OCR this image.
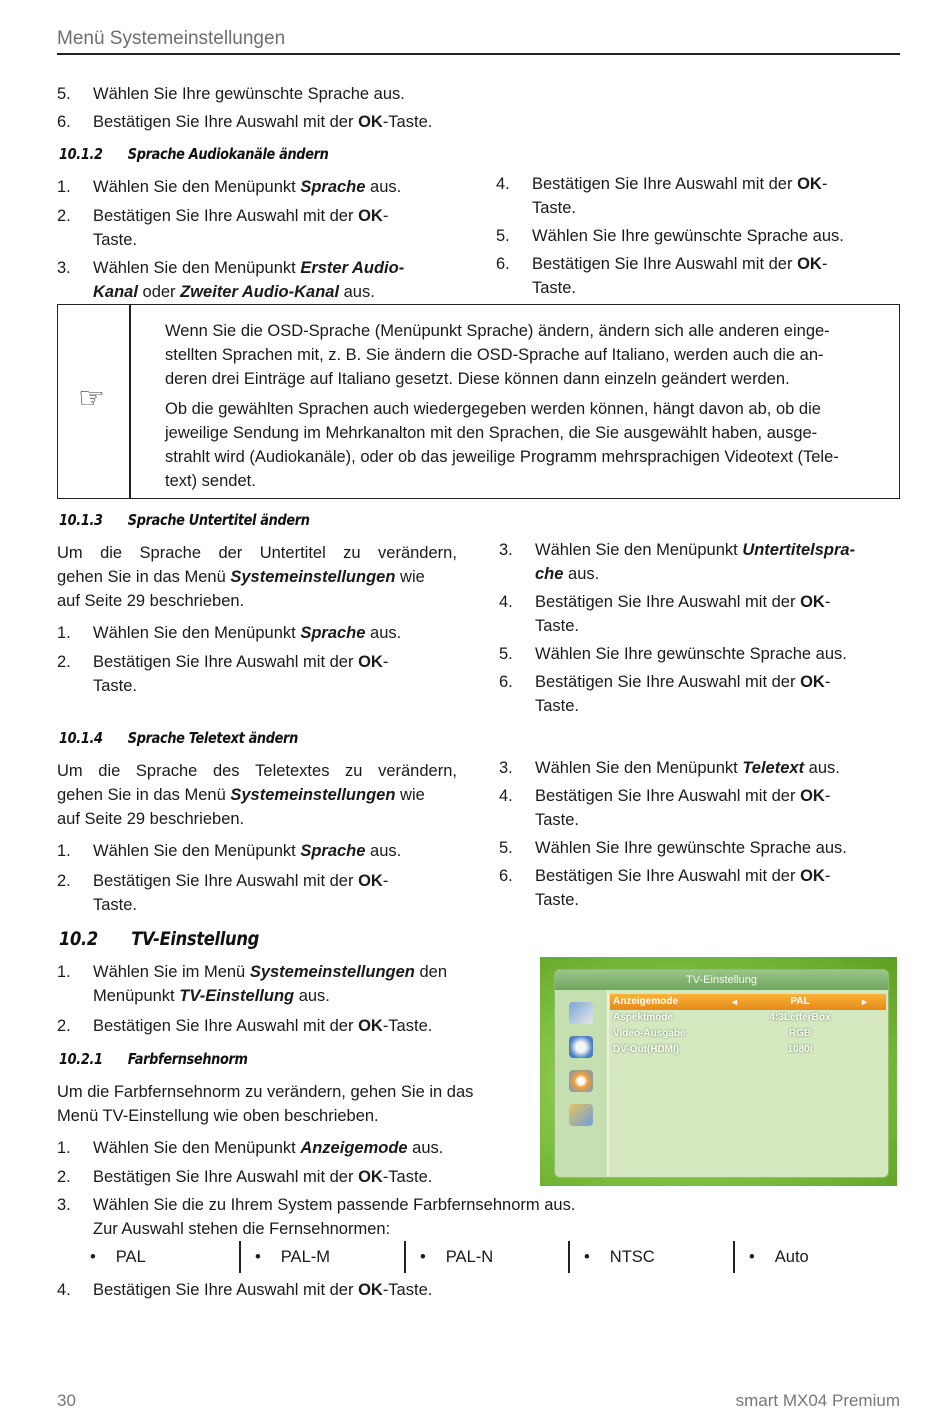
Menü Systemeinstellungen
5. Wählen Sie Ihre gewünschte Sprache aus.
6. Bestätigen Sie Ihre Auswahl mit der OK-Taste.
10.1.2 Sprache Audiokanäle ändern
1. Wählen Sie den Menüpunkt Sprache aus.
2. Bestätigen Sie Ihre Auswahl mit der OK-
Taste.
3. Wählen Sie den Menüpunkt Erster Audio-
Kanal oder Zweiter Audio-Kanal aus.
4. Bestätigen Sie Ihre Auswahl mit der OK-
Taste.
5. Wählen Sie Ihre gewünschte Sprache aus.
6. Bestätigen Sie Ihre Auswahl mit der OK-
Taste.
☞
Wenn Sie die OSD-Sprache (Menüpunkt Sprache) ändern, ändern sich alle anderen einge-
stellten Sprachen mit, z. B. Sie ändern die OSD-Sprache auf Italiano, werden auch die an-
deren drei Einträge auf Italiano gesetzt. Diese können dann einzeln geändert werden.
Ob die gewählten Sprachen auch wiedergegeben werden können, hängt davon ab, ob die
jeweilige Sendung im Mehrkanalton mit den Sprachen, die Sie ausgewählt haben, ausge-
strahlt wird (Audiokanäle), oder ob das jeweilige Programm mehrsprachigen Videotext (Tele-
text) sendet.
10.1.3 Sprache Untertitel ändern
Um die Sprache der Untertitel zu verändern,
gehen Sie in das Menü Systemeinstellungen wie
auf Seite 29 beschrieben.
1. Wählen Sie den Menüpunkt Sprache aus.
2. Bestätigen Sie Ihre Auswahl mit der OK-
Taste.
3. Wählen Sie den Menüpunkt Untertitelspra-
che aus.
4. Bestätigen Sie Ihre Auswahl mit der OK-
Taste.
5. Wählen Sie Ihre gewünschte Sprache aus.
6. Bestätigen Sie Ihre Auswahl mit der OK-
Taste.
10.1.4 Sprache Teletext ändern
Um die Sprache des Teletextes zu verändern,
gehen Sie in das Menü Systemeinstellungen wie
auf Seite 29 beschrieben.
1. Wählen Sie den Menüpunkt Sprache aus.
2. Bestätigen Sie Ihre Auswahl mit der OK-
Taste.
3. Wählen Sie den Menüpunkt Teletext aus.
4. Bestätigen Sie Ihre Auswahl mit der OK-
Taste.
5. Wählen Sie Ihre gewünschte Sprache aus.
6. Bestätigen Sie Ihre Auswahl mit der OK-
Taste.
10.2 TV-Einstellung
1. Wählen Sie im Menü Systemeinstellungen den
Menüpunkt TV-Einstellung aus.
2. Bestätigen Sie Ihre Auswahl mit der OK-Taste.
10.2.1 Farbfernsehnorm
Um die Farbfernsehnorm zu verändern, gehen Sie in das
Menü TV-Einstellung wie oben beschrieben.
1. Wählen Sie den Menüpunkt Anzeigemode aus.
2. Bestätigen Sie Ihre Auswahl mit der OK-Taste.
3. Wählen Sie die zu Ihrem System passende Farbfernsehnorm aus.
Zur Auswahl stehen die Fernsehnormen:
• PAL	• PAL-M	• PAL-N	• NTSC	• Auto
4. Bestätigen Sie Ihre Auswahl mit der OK-Taste.
TV-Einstellung
Anzeigemode	◄	PAL	►
Aspektmode	4:3LetterBox
Video-Ausgabe	RGB
DV-Out(HDMI)	1080i
30	smart MX04 Premium
